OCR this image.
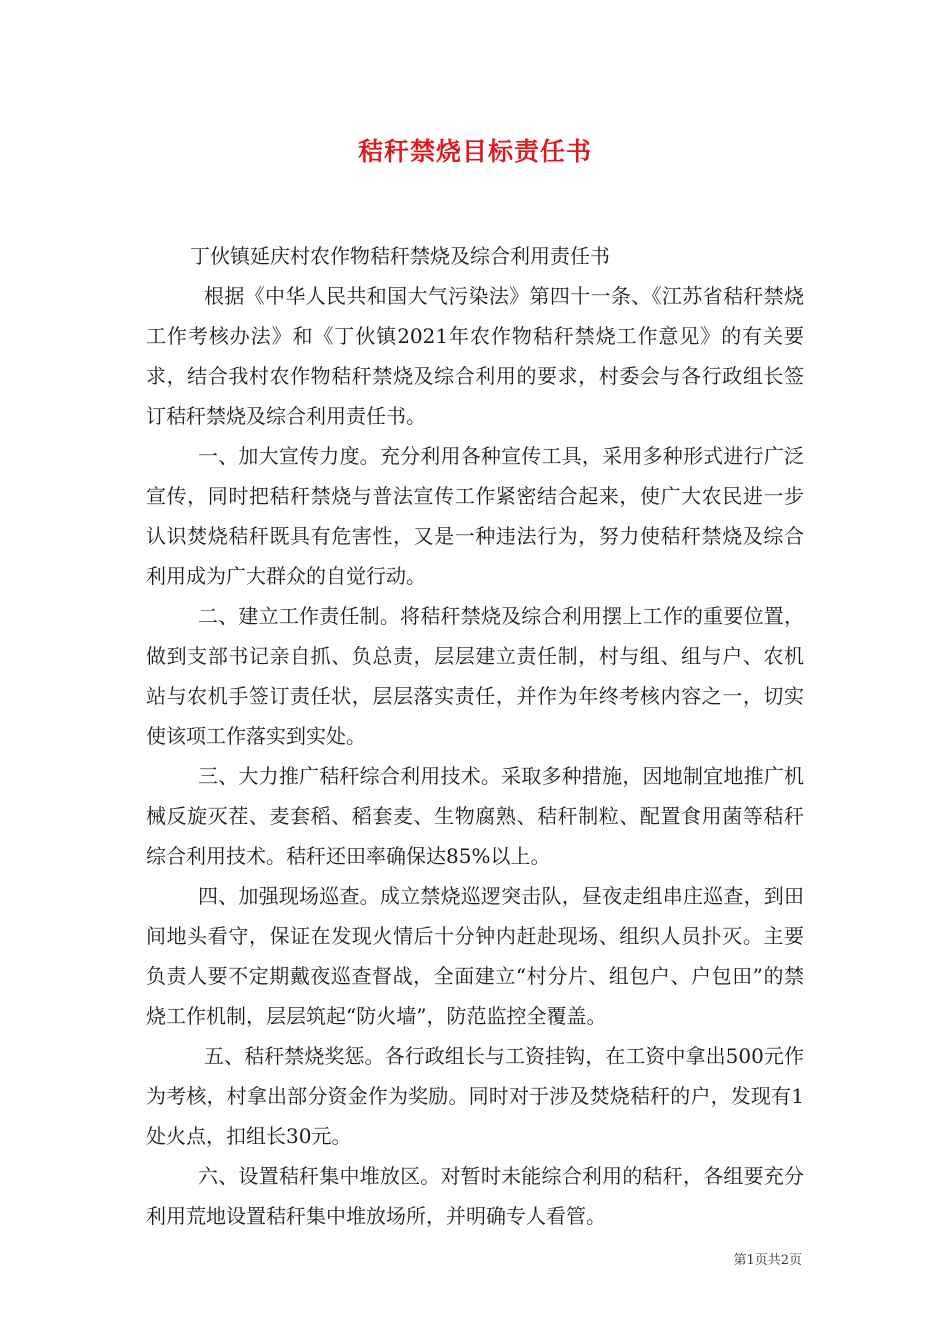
秸秆禁烧目标责任书

丁伙镇延庆村农作物秸秆禁烧及综合利用责任书

根据《中华人民共和国大气污染法》第四十一条、《江苏省秸秆禁烧工作考核办法》和《丁伙镇2021年农作物秸秆禁烧工作意见》的有关要求，结合我村农作物秸秆禁烧及综合利用的要求，村委会与各行政组长签订秸秆禁烧及综合利用责任书。

一、加大宣传力度。充分利用各种宣传工具，采用多种形式进行广泛宣传，同时把秸秆禁烧与普法宣传工作紧密结合起来，使广大农民进一步认识焚烧秸秆既具有危害性，又是一种违法行为，努力使秸秆禁烧及综合利用成为广大群众的自觉行动。

二、建立工作责任制。将秸秆禁烧及综合利用摆上工作的重要位置，做到支部书记亲自抓、负总责，层层建立责任制，村与组、组与户、农机站与农机手签订责任状，层层落实责任，并作为年终考核内容之一，切实使该项工作落实到实处。

三、大力推广秸秆综合利用技术。采取多种措施，因地制宜地推广机械反旋灭茬、麦套稻、稻套麦、生物腐熟、秸秆制粒、配置食用菌等秸秆综合利用技术。秸秆还田率确保达85%以上。

四、加强现场巡查。成立禁烧巡逻突击队，昼夜走组串庄巡查，到田间地头看守，保证在发现火情后十分钟内赶赴现场、组织人员扑灭。主要负责人要不定期戴夜巡查督战，全面建立“村分片、组包户、户包田”的禁烧工作机制，层层筑起“防火墙”，防范监控全覆盖。

五、秸秆禁烧奖惩。各行政组长与工资挂钩，在工资中拿出500元作为考核，村拿出部分资金作为奖励。同时对于涉及焚烧秸秆的户，发现有1处火点，扣组长30元。

六、设置秸秆集中堆放区。对暂时未能综合利用的秸秆，各组要充分利用荒地设置秸秆集中堆放场所，并明确专人看管。

第1页共2页
